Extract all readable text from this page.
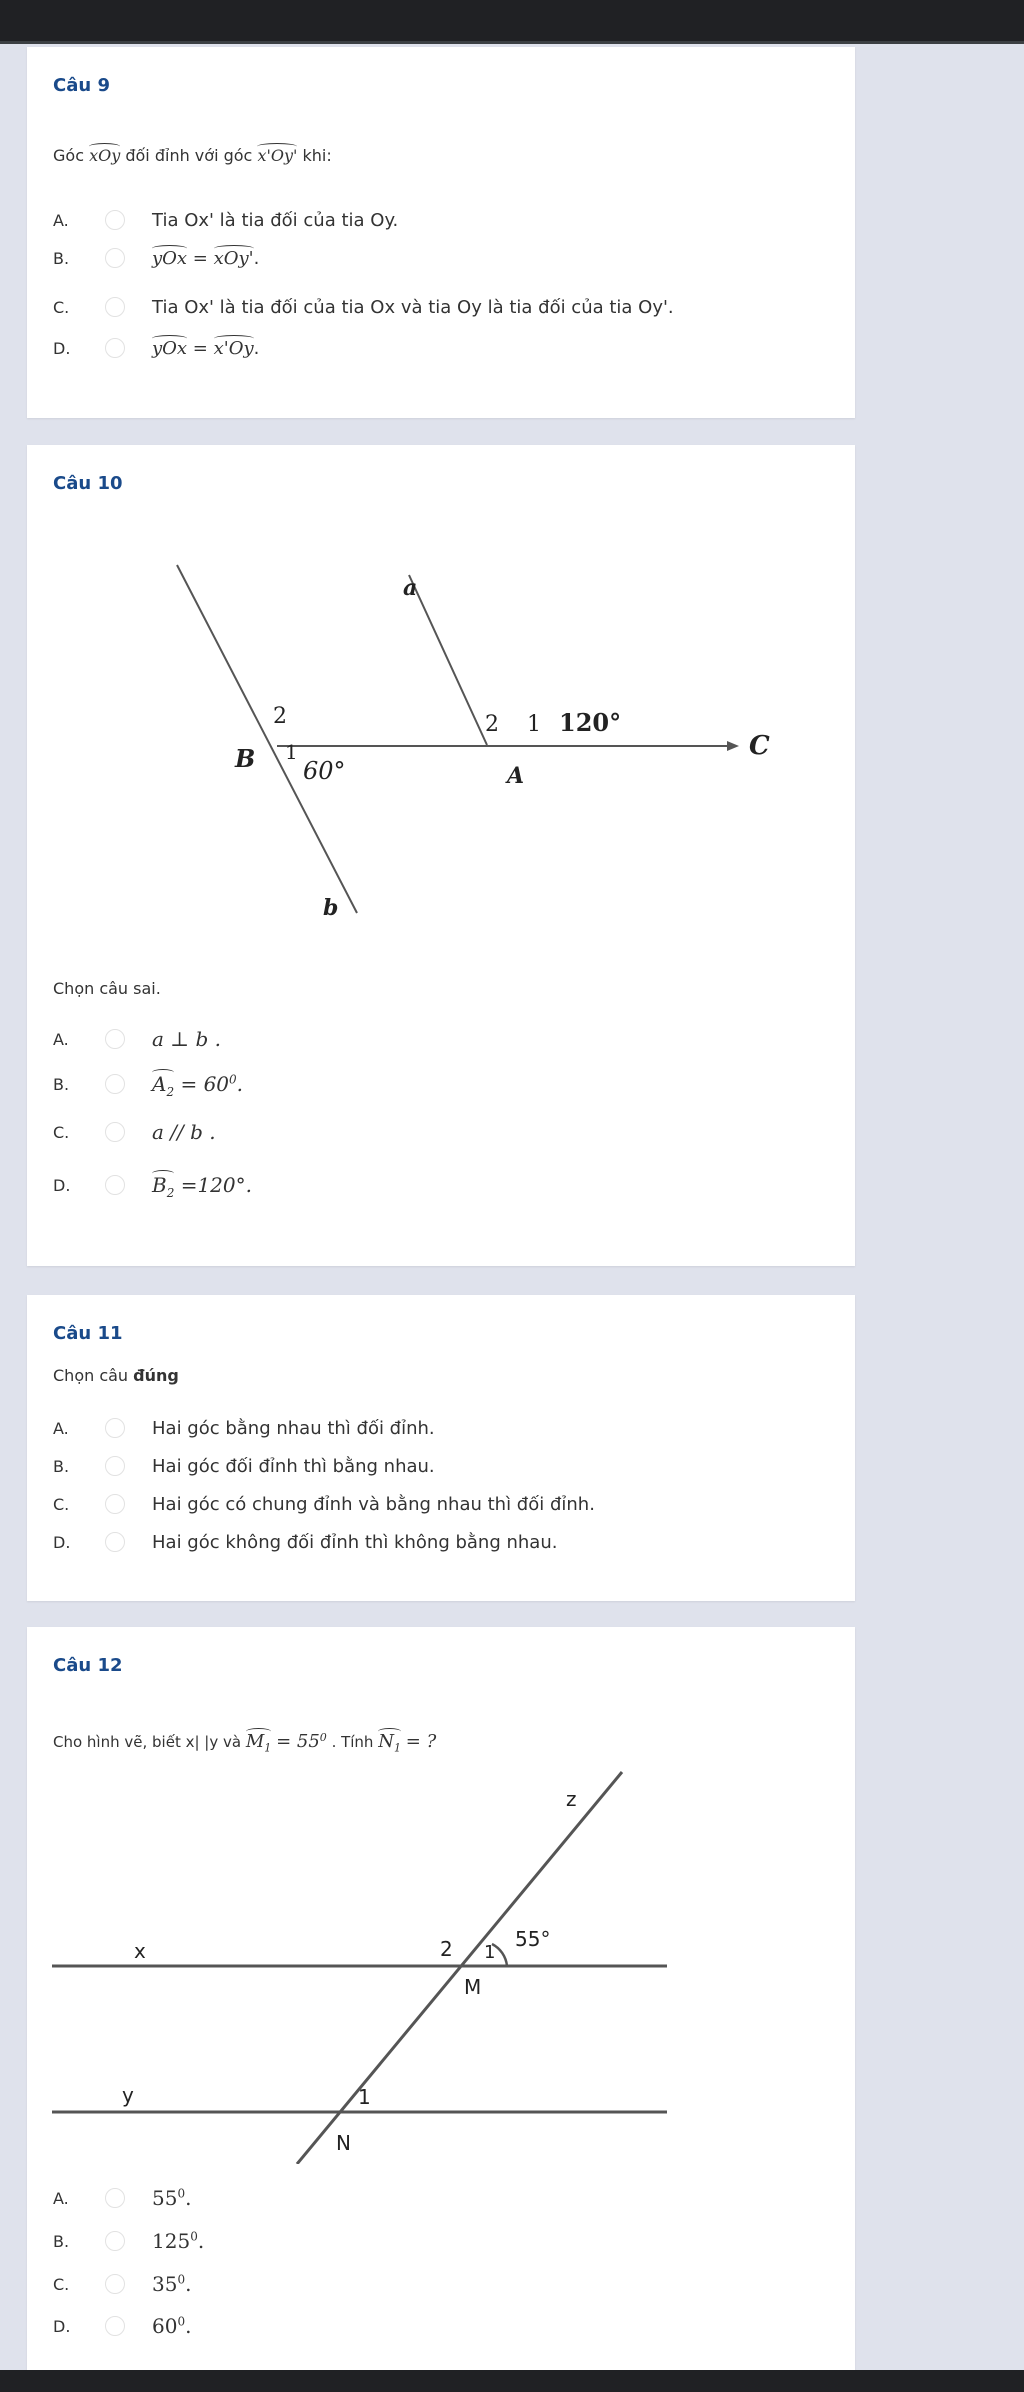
Câu 9
Góc xOy đối đỉnh với góc x'Oy' khi:
A.	Tia Ox' là tia đối của tia Oy.
B.	yOx = xOy'.
C.	Tia Ox' là tia đối của tia Ox và tia Oy là tia đối của tia Oy'.
D.	yOx = x'Oy.
Câu 10
a
b
C
A
B
2 1 120°
2
1
60°
Chọn câu sai.
A.	a ⊥ b .
B.	$A_2 = 60^0$.
C.	a // b .
D.	$B_2 =120^\circ$.
Câu 11
Chọn câu đúng
A.	Hai góc bằng nhau thì đối đỉnh.
B.	Hai góc đối đỉnh thì bằng nhau.
C.	Hai góc có chung đỉnh và bằng nhau thì đối đỉnh.
D.	Hai góc không đối đỉnh thì không bằng nhau.
Câu 12
Cho hình vẽ, biết x| |y và $M_1 = 55^0$ . Tính $N_1$ = ?
x
y
z
M
N
2 1
55°
1
A.	$55^0$.
B.	$125^0$.
C.	$35^0$.
D.	$60^0$.
